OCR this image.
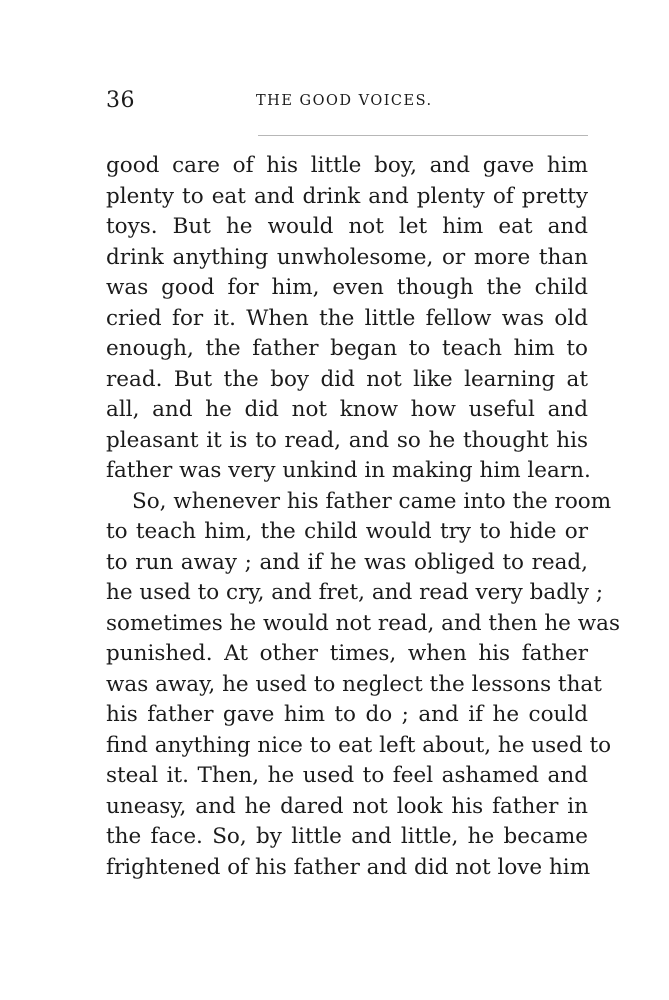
36	THE GOOD VOICES.
good care of his little boy, and gave him
plenty to eat and drink and plenty of pretty
toys. But he would not let him eat and
drink anything unwholesome, or more than
was good for him, even though the child
cried for it. When the little fellow was old
enough, the father began to teach him to
read. But the boy did not like learning at
all, and he did not know how useful and
pleasant it is to read, and so he thought his
father was very unkind in making him learn.
So, whenever his father came into the room
to teach him, the child would try to hide or
to run away ; and if he was obliged to read,
he used to cry, and fret, and read very badly ;
sometimes he would not read, and then he was
punished. At other times, when his father
was away, he used to neglect the lessons that
his father gave him to do ; and if he could
find anything nice to eat left about, he used to
steal it. Then, he used to feel ashamed and
uneasy, and he dared not look his father in
the face. So, by little and little, he became
frightened of his father and did not love him
